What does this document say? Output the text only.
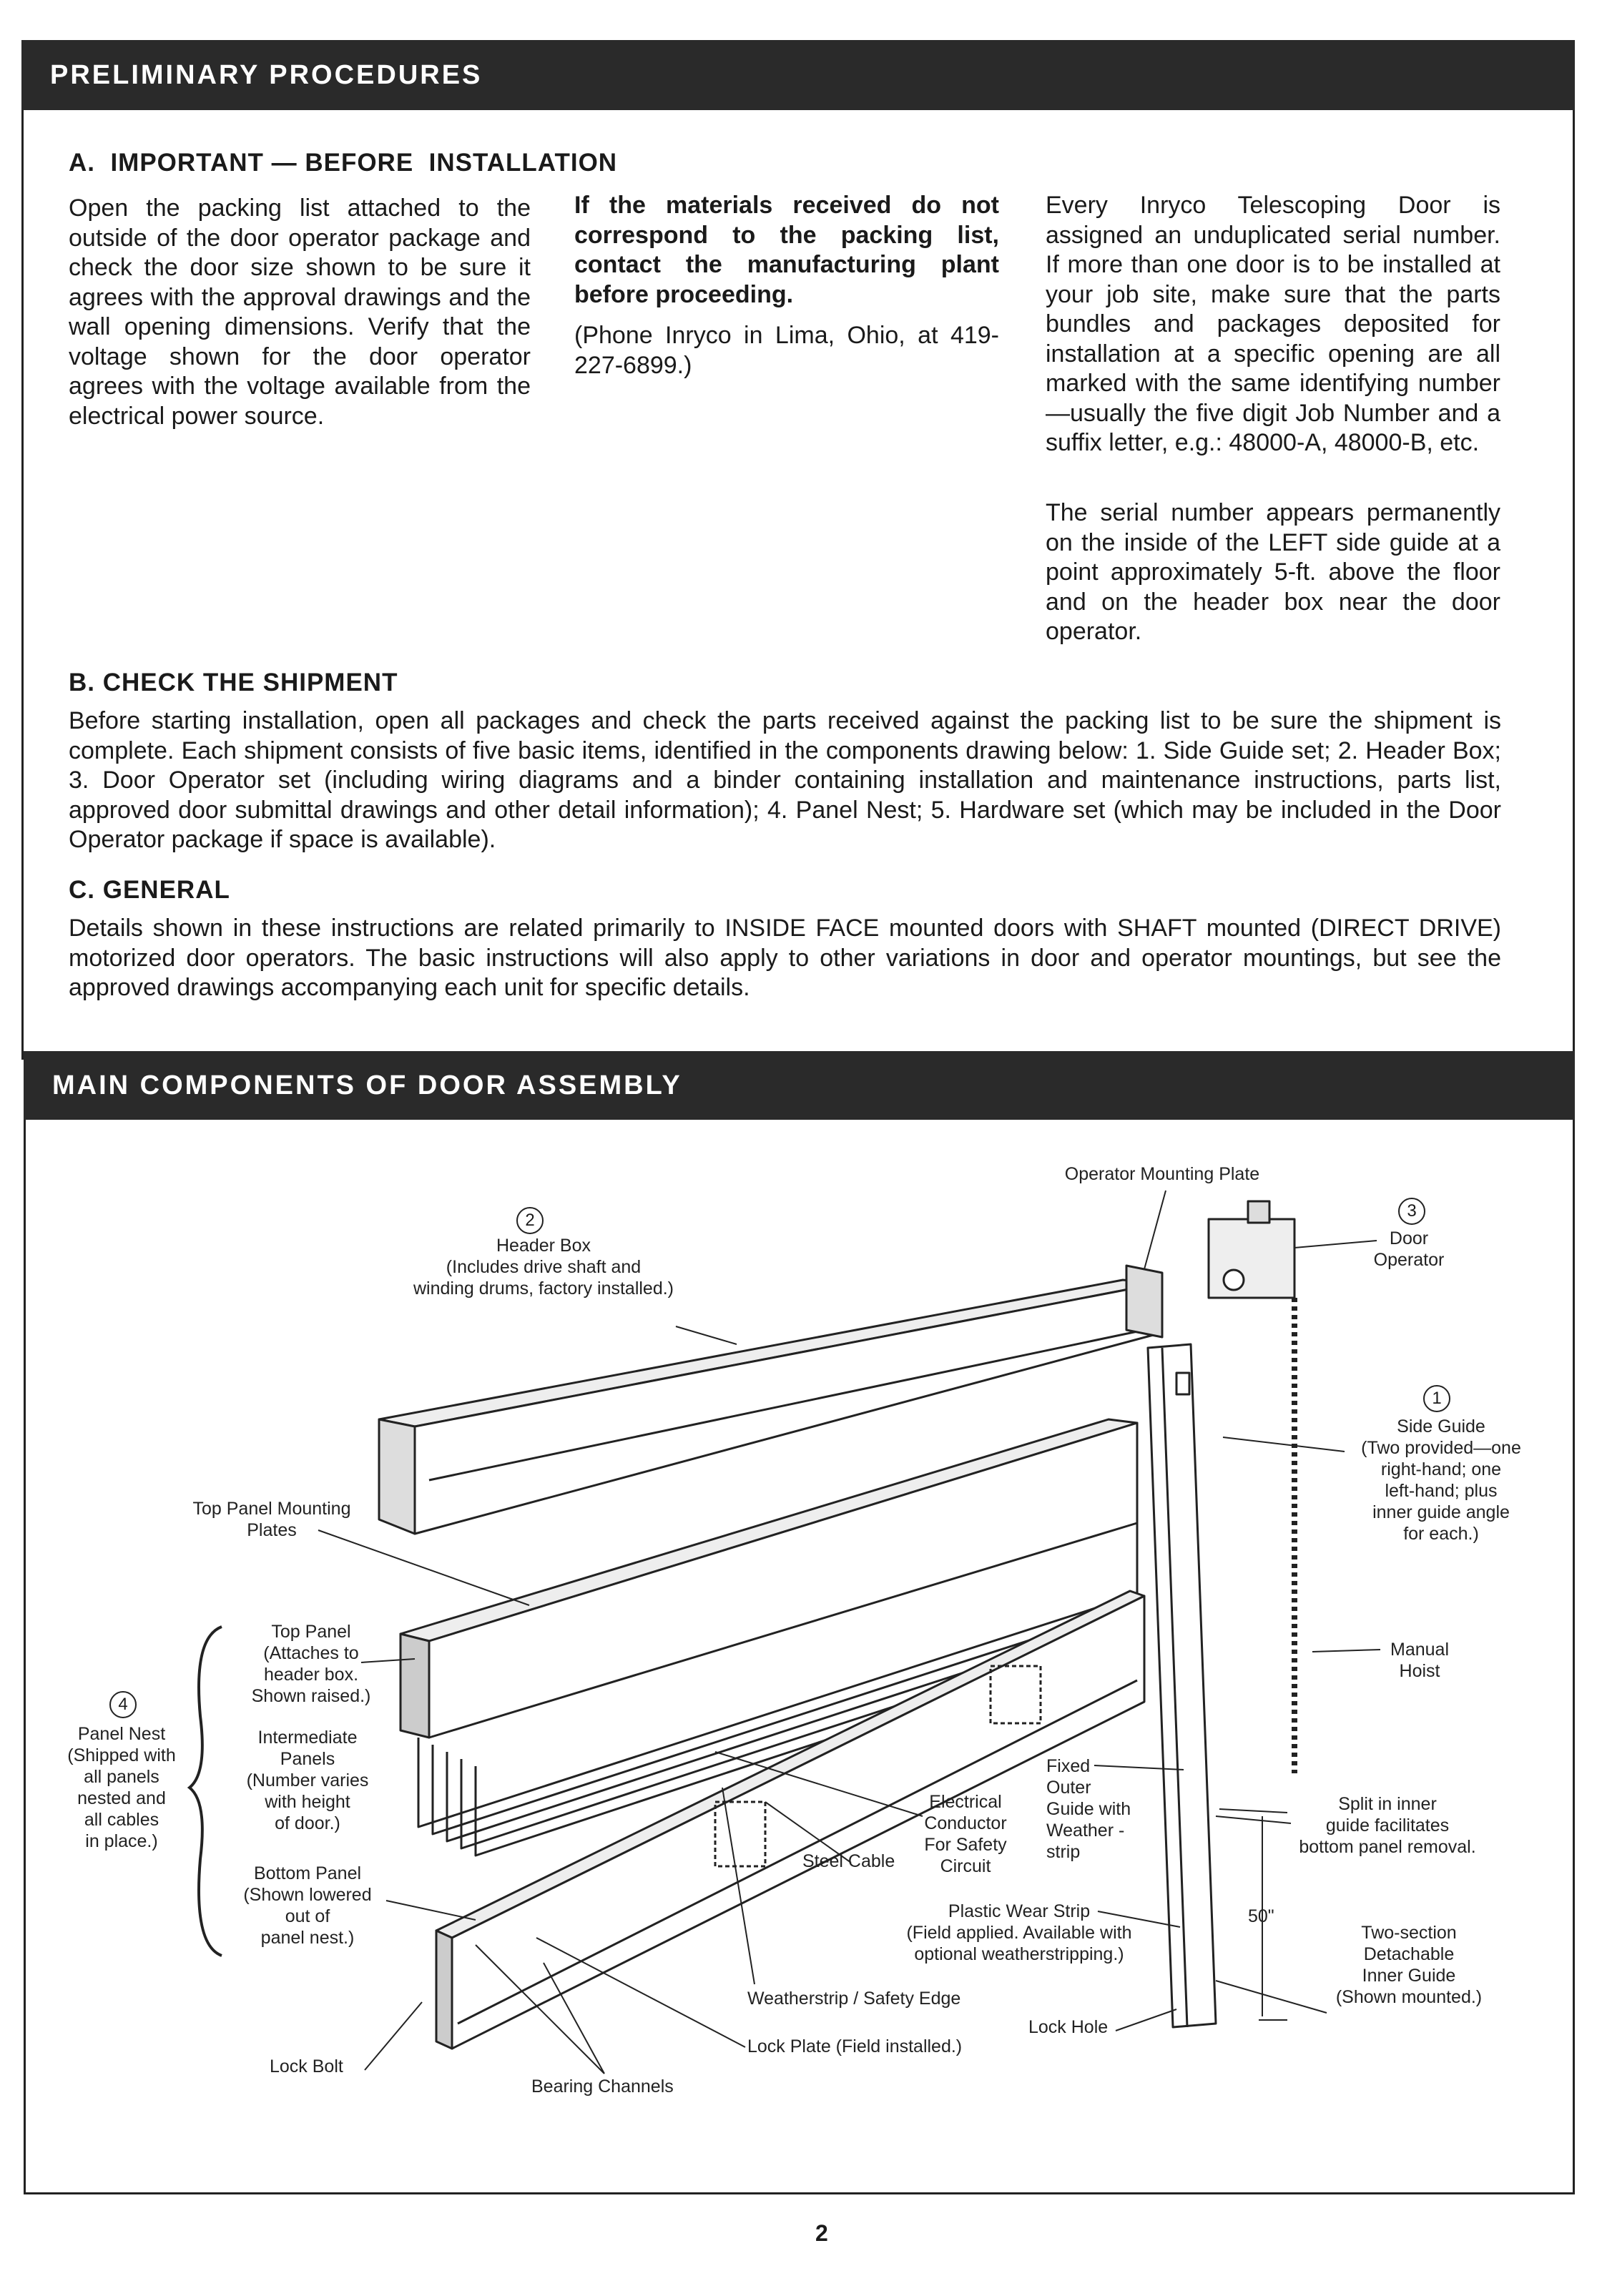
PRELIMINARY PROCEDURES
A.  IMPORTANT — BEFORE  INSTALLATION

Open the packing list attached to the outside of the door operator package and check the door size shown to be sure it agrees with the approval drawings and the wall opening dimensions. Verify that the voltage shown for the door operator agrees with the voltage available from the electrical power source.

If the materials received do not correspond to the packing list, contact the manufacturing plant before proceeding.

(Phone Inryco in Lima, Ohio, at 419-227-6899.)

Every Inryco Telescoping Door is assigned an unduplicated serial number. If more than one door is to be installed at your job site, make sure that the parts bundles and packages deposited for installation at a specific opening are all marked with the same identifying number—usually the five digit Job Number and a suffix letter, e.g.: 48000-A, 48000-B, etc.

The serial number appears permanently on the inside of the LEFT side guide at a point approximately 5-ft. above the floor and on the header box near the door operator.

B. CHECK THE SHIPMENT

Before starting installation, open all packages and check the parts received against the packing list to be sure the shipment is complete. Each shipment consists of five basic items, identified in the components drawing below: 1. Side Guide set; 2. Header Box; 3. Door Operator set (including wiring diagrams and a binder containing installation and maintenance instructions, parts list, approved door submittal drawings and other detail information); 4. Panel Nest; 5. Hardware set (which may be included in the Door Operator package if space is available).

C. GENERAL

Details shown in these instructions are related primarily to INSIDE FACE mounted doors with SHAFT mounted (DIRECT DRIVE) motorized door operators. The basic instructions will also apply to other variations in door and operator mountings, but see the approved drawings accompanying each unit for specific details.

MAIN COMPONENTS OF DOOR ASSEMBLY
Operator Mounting Plate
2
Header Box
(Includes drive shaft and
winding drums, factory installed.)
3
Door
Operator
1
Side Guide
(Two provided—one
right-hand; one
left-hand; plus
inner guide angle
for each.)
Top Panel Mounting
Plates
Top Panel
(Attaches to
header box.
Shown raised.)
4
Panel Nest
(Shipped with
all panels
nested and
all cables
in place.)
Intermediate
Panels
(Number varies
with height
of door.)
Bottom Panel
(Shown lowered
out of
panel nest.)
Manual
Hoist
Fixed
Outer
Guide with
Weather -
strip
Electrical
Conductor
For Safety
Circuit
Steel Cable
Split in inner
guide facilitates
bottom panel removal.
Plastic Wear Strip
(Field applied. Available with
optional weatherstripping.)
50"
Two-section
Detachable
Inner Guide
(Shown mounted.)
Weatherstrip / Safety Edge
Lock Hole
Lock Plate (Field installed.)
Lock Bolt
Bearing Channels
2
